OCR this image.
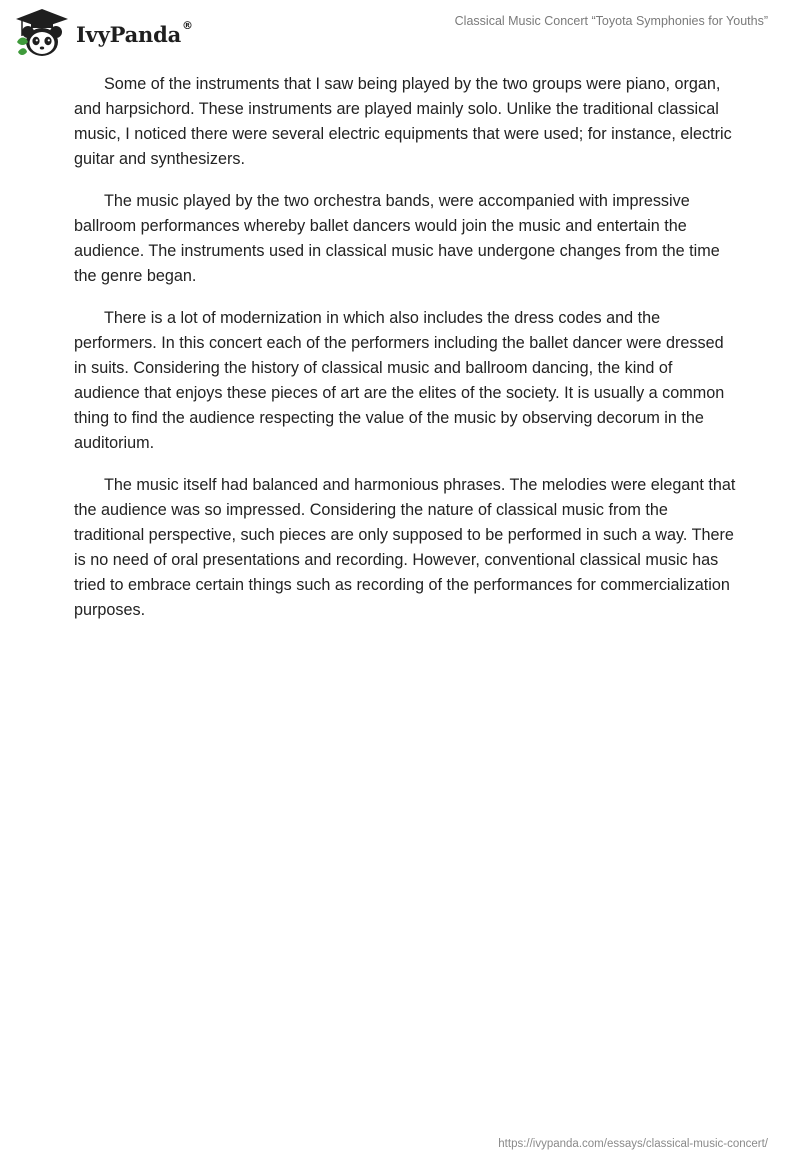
IvyPanda®	Classical Music Concert “Toyota Symphonies for Youths”

Some of the instruments that I saw being played by the two groups were piano, organ, and harpsichord. These instruments are played mainly solo. Unlike the traditional classical music, I noticed there were several electric equipments that were used; for instance, electric guitar and synthesizers.

The music played by the two orchestra bands, were accompanied with impressive ballroom performances whereby ballet dancers would join the music and entertain the audience. The instruments used in classical music have undergone changes from the time the genre began.

There is a lot of modernization in which also includes the dress codes and the performers. In this concert each of the performers including the ballet dancer were dressed in suits. Considering the history of classical music and ballroom dancing, the kind of audience that enjoys these pieces of art are the elites of the society. It is usually a common thing to find the audience respecting the value of the music by observing decorum in the auditorium.

The music itself had balanced and harmonious phrases. The melodies were elegant that the audience was so impressed. Considering the nature of classical music from the traditional perspective, such pieces are only supposed to be performed in such a way. There is no need of oral presentations and recording. However, conventional classical music has tried to embrace certain things such as recording of the performances for commercialization purposes.

https://ivypanda.com/essays/classical-music-concert/
